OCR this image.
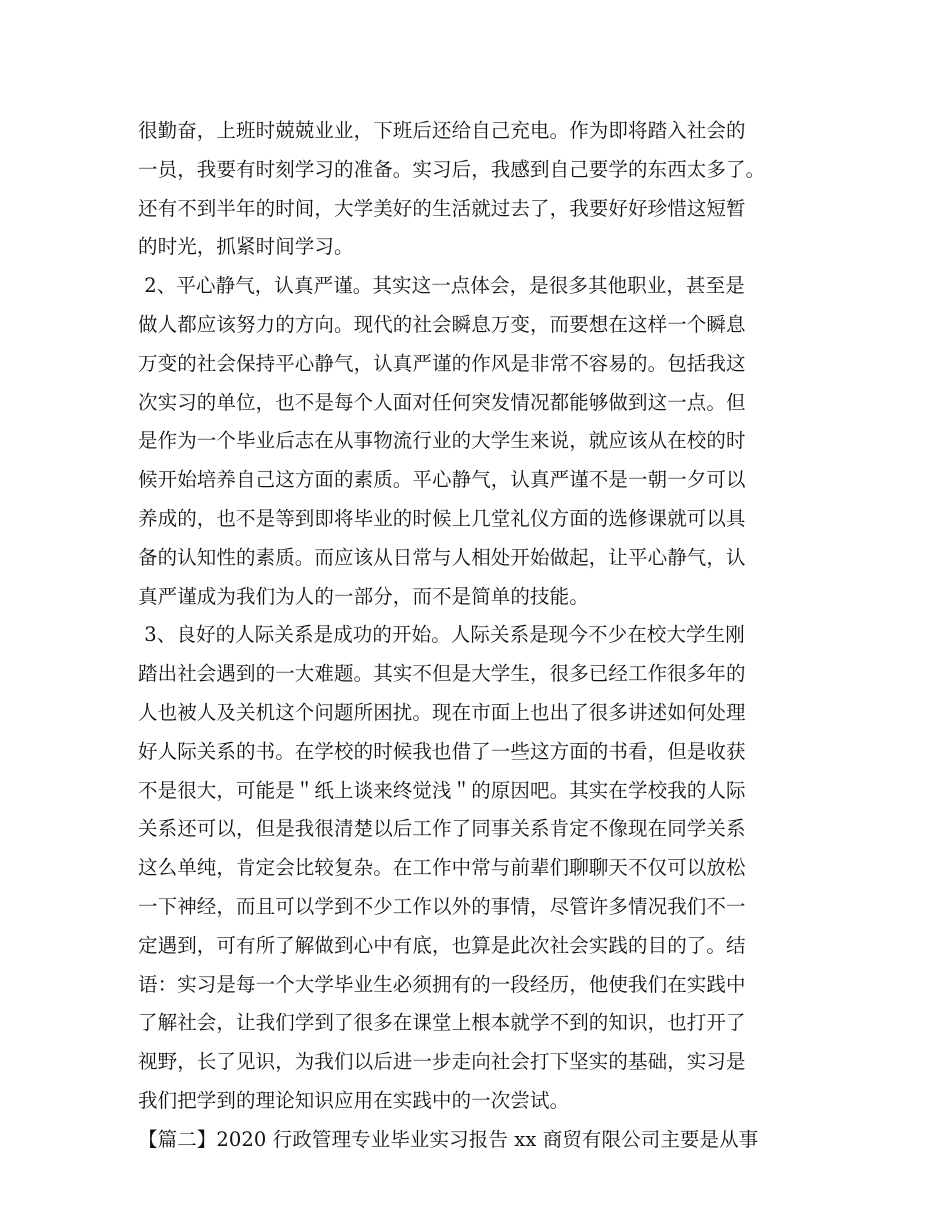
很勤奋，上班时兢兢业业，下班后还给自己充电。作为即将踏入社会的
一员，我要有时刻学习的准备。实习后，我感到自己要学的东西太多了。
还有不到半年的时间，大学美好的生活就过去了，我要好好珍惜这短暂
的时光，抓紧时间学习。
2、平心静气，认真严谨。其实这一点体会，是很多其他职业，甚至是
做人都应该努力的方向。现代的社会瞬息万变，而要想在这样一个瞬息
万变的社会保持平心静气，认真严谨的作风是非常不容易的。包括我这
次实习的单位，也不是每个人面对任何突发情况都能够做到这一点。但
是作为一个毕业后志在从事物流行业的大学生来说，就应该从在校的时
候开始培养自己这方面的素质。平心静气，认真严谨不是一朝一夕可以
养成的，也不是等到即将毕业的时候上几堂礼仪方面的选修课就可以具
备的认知性的素质。而应该从日常与人相处开始做起，让平心静气，认
真严谨成为我们为人的一部分，而不是简单的技能。
3、良好的人际关系是成功的开始。人际关系是现今不少在校大学生刚
踏出社会遇到的一大难题。其实不但是大学生，很多已经工作很多年的
人也被人及关机这个问题所困扰。现在市面上也出了很多讲述如何处理
好人际关系的书。在学校的时候我也借了一些这方面的书看，但是收获
不是很大，可能是＂纸上谈来终觉浅＂的原因吧。其实在学校我的人际
关系还可以，但是我很清楚以后工作了同事关系肯定不像现在同学关系
这么单纯，肯定会比较复杂。在工作中常与前辈们聊聊天不仅可以放松
一下神经，而且可以学到不少工作以外的事情，尽管许多情况我们不一
定遇到，可有所了解做到心中有底，也算是此次社会实践的目的了。结
语：实习是每一个大学毕业生必须拥有的一段经历，他使我们在实践中
了解社会，让我们学到了很多在课堂上根本就学不到的知识，也打开了
视野，长了见识，为我们以后进一步走向社会打下坚实的基础，实习是
我们把学到的理论知识应用在实践中的一次尝试。
【篇二】2020 行政管理专业毕业实习报告 xx 商贸有限公司主要是从事
